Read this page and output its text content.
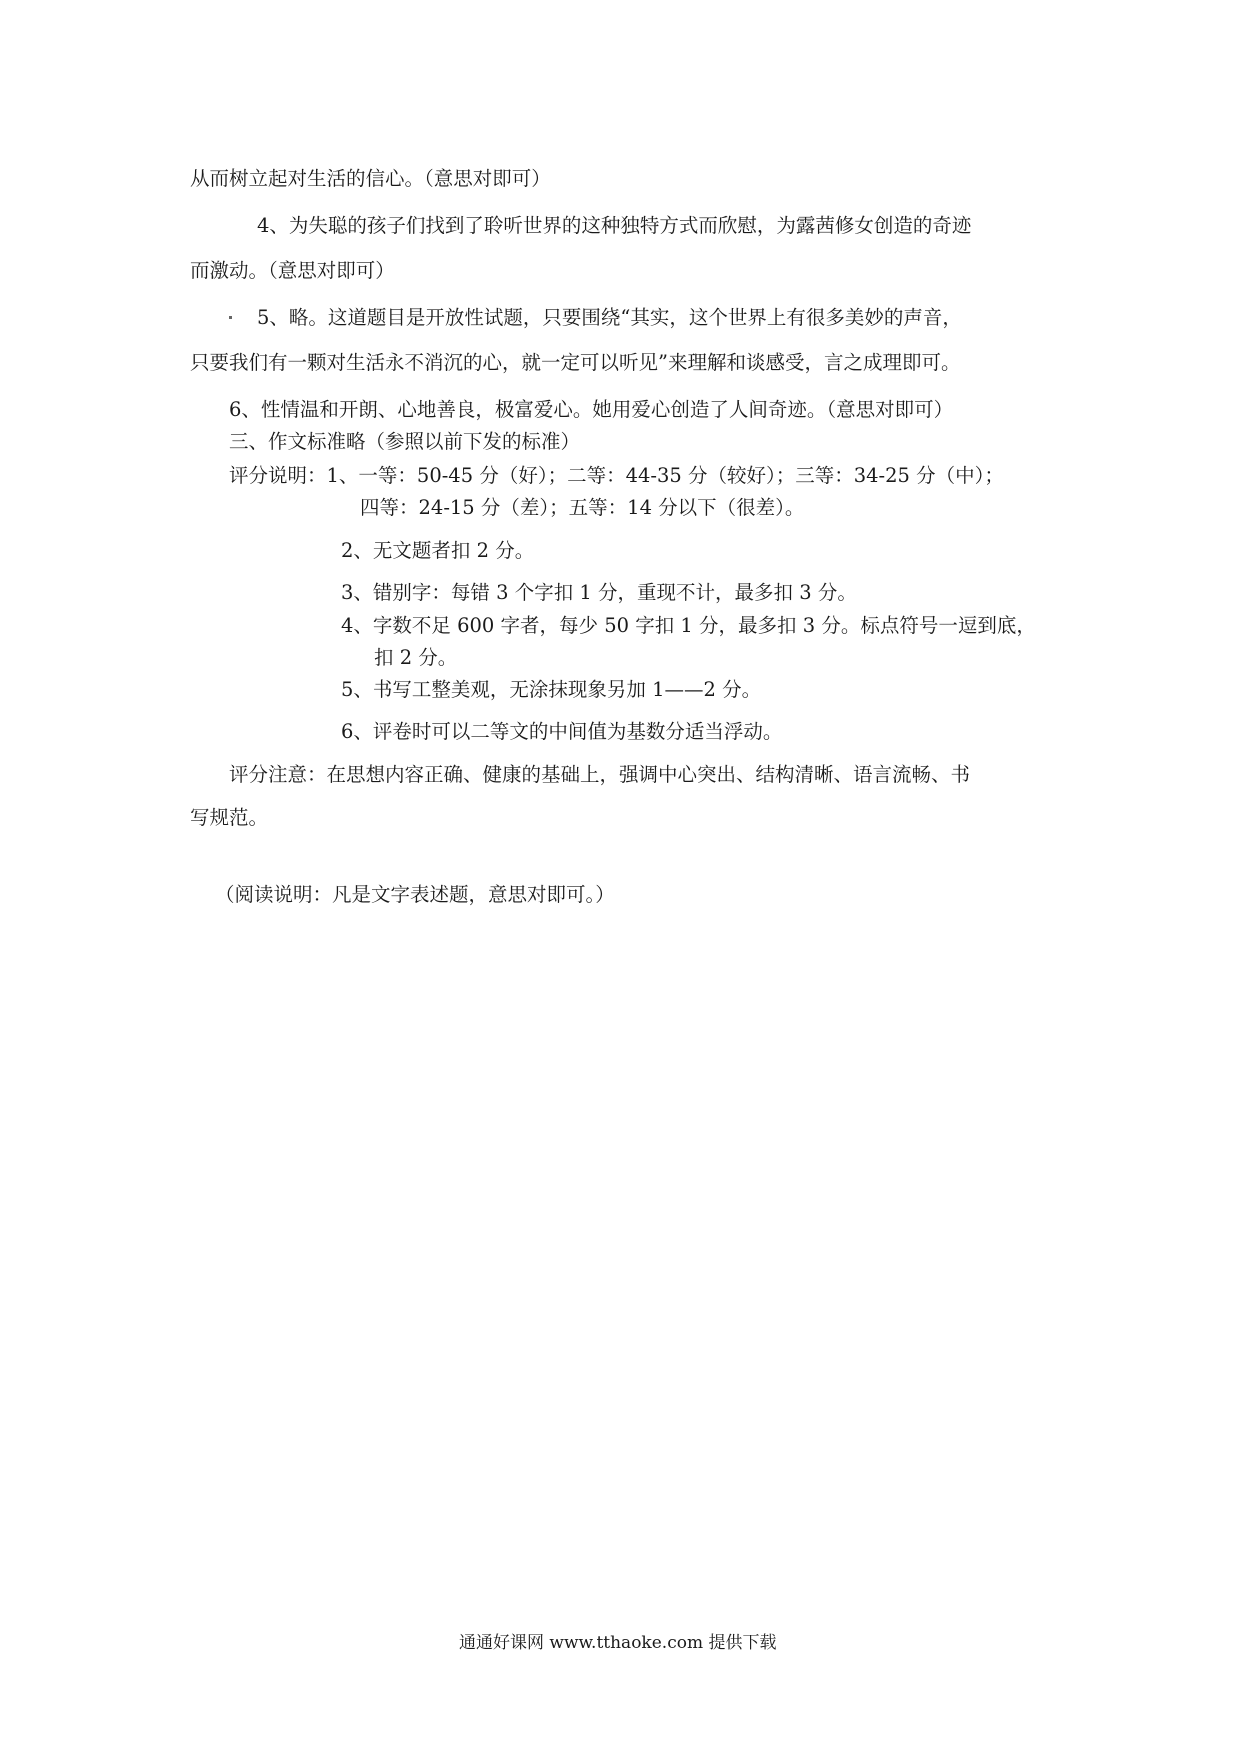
从而树立起对生活的信心。（意思对即可）
4、为失聪的孩子们找到了聆听世界的这种独特方式而欣慰，为露茜修女创造的奇迹
而激动。（意思对即可）
5、略。这道题目是开放性试题，只要围绕“其实，这个世界上有很多美妙的声音，
只要我们有一颗对生活永不消沉的心，就一定可以听见”来理解和谈感受，言之成理即可。
6、性情温和开朗、心地善良，极富爱心。她用爱心创造了人间奇迹。（意思对即可）
三、作文标准略（参照以前下发的标准）
评分说明：1、一等：50-45 分（好）；二等：44-35 分（较好）；三等：34-25 分（中）；
四等：24-15 分（差）；五等：14 分以下（很差）。
2、无文题者扣 2 分。
3、错别字：每错 3 个字扣 1 分，重现不计，最多扣 3 分。
4、字数不足 600 字者，每少 50 字扣 1 分，最多扣 3 分。标点符号一逗到底，
扣 2 分。
5、书写工整美观，无涂抹现象另加 1——2 分。
6、评卷时可以二等文的中间值为基数分适当浮动。
评分注意：在思想内容正确、健康的基础上，强调中心突出、结构清晰、语言流畅、书
写规范。
（阅读说明：凡是文字表述题，意思对即可。）
通通好课网 www.tthaoke.com 提供下载
